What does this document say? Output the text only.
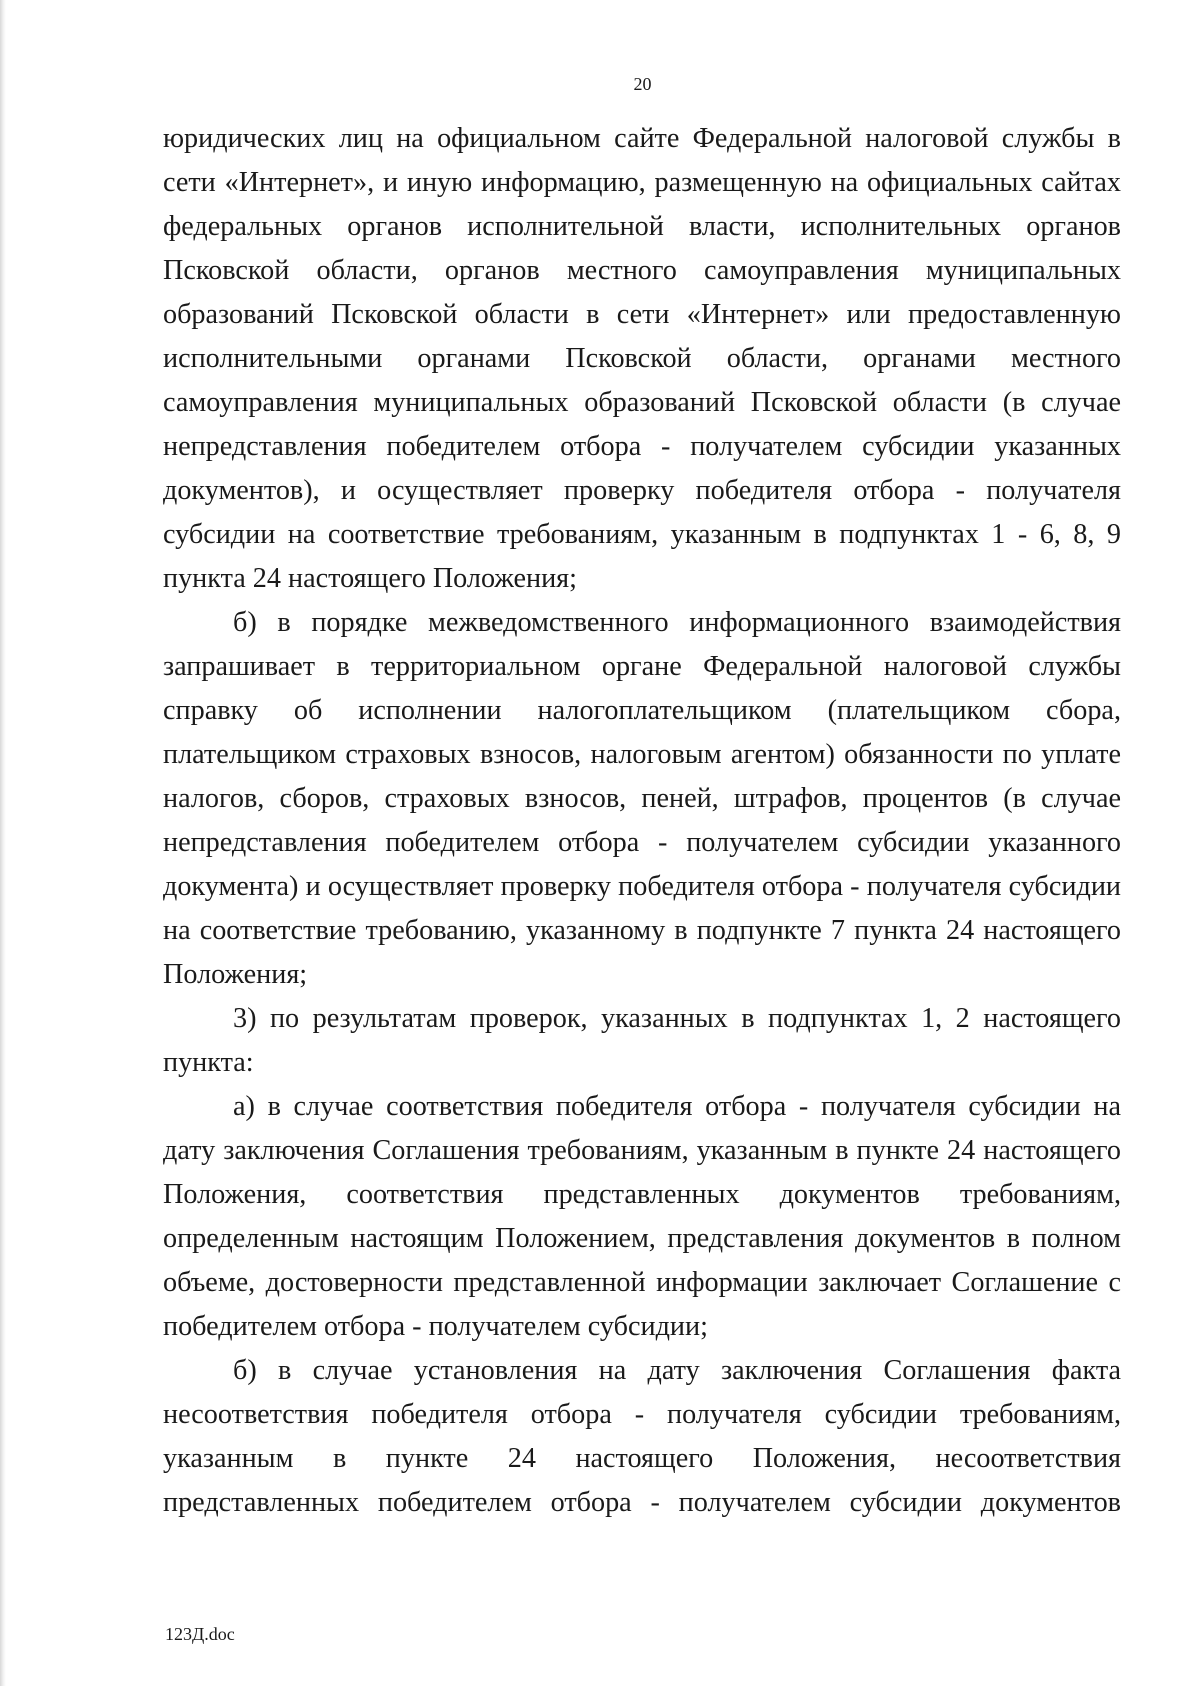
20

юридических лиц на официальном сайте Федеральной налоговой службы в сети «Интернет», и иную информацию, размещенную на официальных сайтах федеральных органов исполнительной власти, исполнительных органов Псковской области, органов местного самоуправления муниципальных образований Псковской области в сети «Интернет» или предоставленную исполнительными органами Псковской области, органами местного самоуправления муниципальных образований Псковской области (в случае непредставления победителем отбора - получателем субсидии указанных документов), и осуществляет проверку победителя отбора - получателя субсидии на соответствие требованиям, указанным в подпунктах 1 - 6, 8, 9 пункта 24 настоящего Положения;

б) в порядке межведомственного информационного взаимодействия запрашивает в территориальном органе Федеральной налоговой службы справку об исполнении налогоплательщиком (плательщиком сбора, плательщиком страховых взносов, налоговым агентом) обязанности по уплате налогов, сборов, страховых взносов, пеней, штрафов, процентов (в случае непредставления победителем отбора - получателем субсидии указанного документа) и осуществляет проверку победителя отбора - получателя субсидии на соответствие требованию, указанному в подпункте 7 пункта 24 настоящего Положения;

3) по результатам проверок, указанных в подпунктах 1, 2 настоящего пункта:

а) в случае соответствия победителя отбора - получателя субсидии на дату заключения Соглашения требованиям, указанным в пункте 24 настоящего Положения, соответствия представленных документов требованиям, определенным настоящим Положением, представления документов в полном объеме, достоверности представленной информации заключает Соглашение с победителем отбора - получателем субсидии;

б) в случае установления на дату заключения Соглашения факта несоответствия победителя отбора - получателя субсидии требованиям, указанным в пункте 24 настоящего Положения, несоответствия представленных победителем отбора - получателем субсидии документов

123Д.doc
